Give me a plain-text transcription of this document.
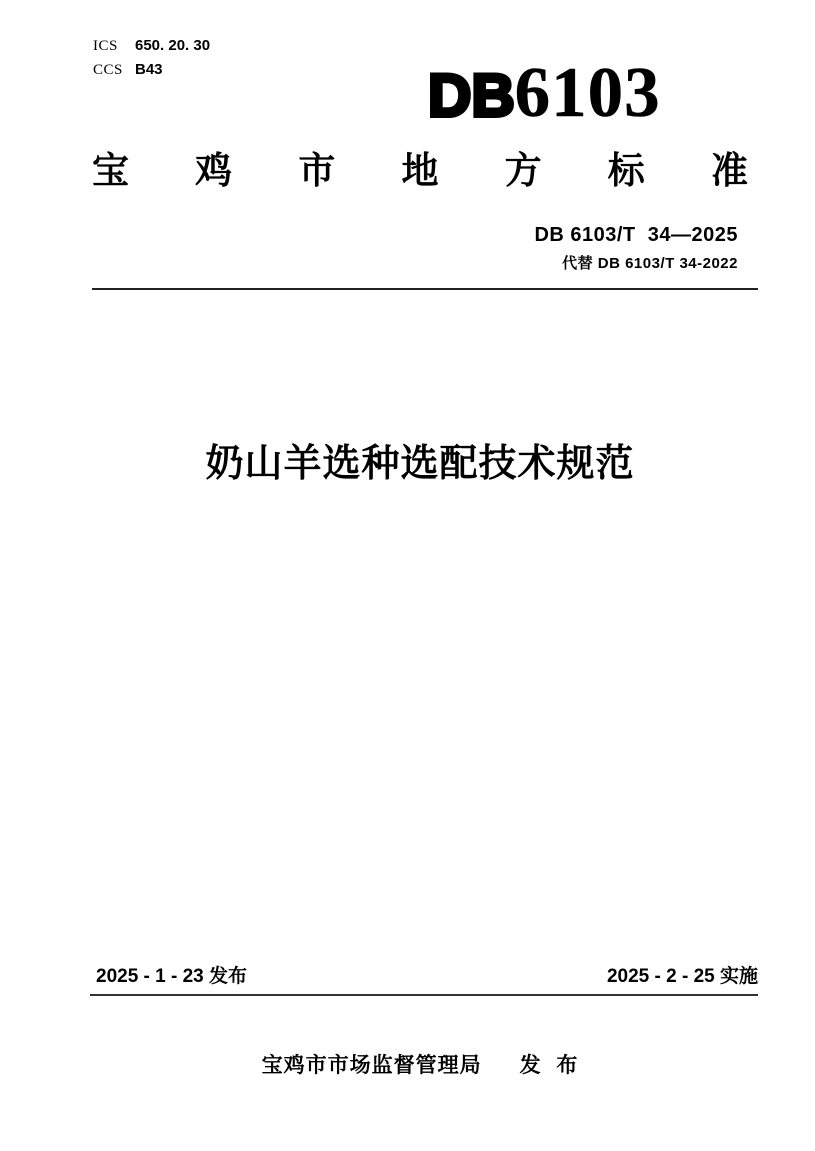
ICS	650. 20. 30
CCS B43	DB6103
宝 鸡 市 地 方 标 准
DB 6103/T  34—2025
代替 DB 6103/T 34-2022
奶山羊选种选配技术规范
2025 - 1 - 23 发布	2025 - 2 - 25 实施
宝鸡市市场监督管理局 发 布
